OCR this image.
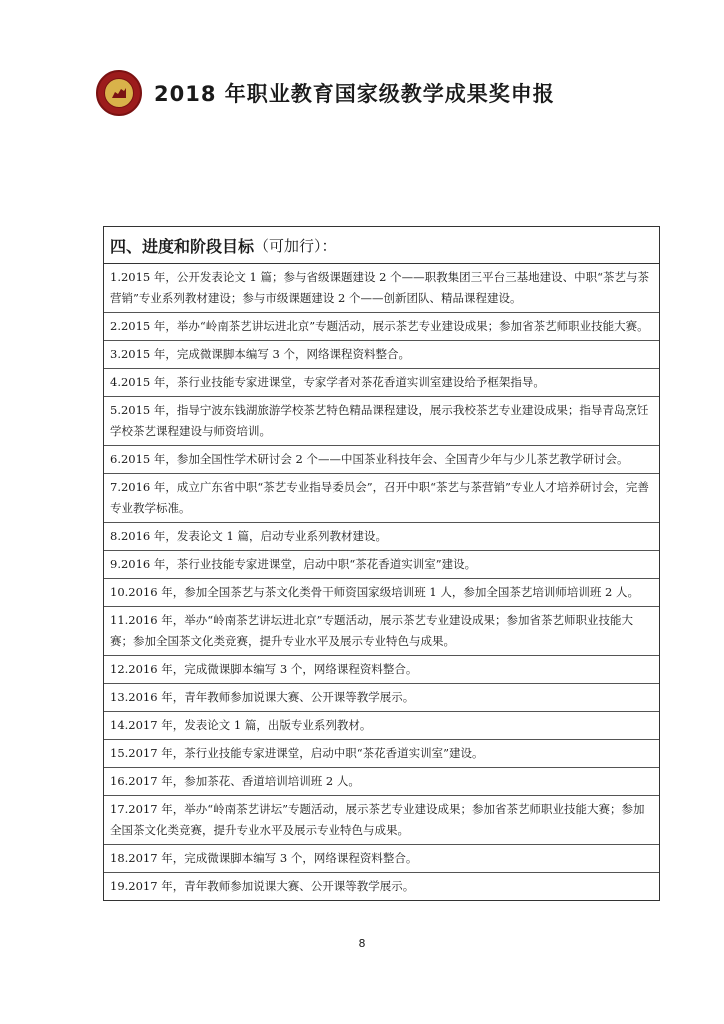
2018 年职业教育国家级教学成果奖申报
四、进度和阶段目标 （可加行）：
1.2015 年，公开发表论文 1 篇；参与省级课题建设 2 个——职教集团三平台三基地建设、中职“茶艺与茶营销”专业系列教材建设；参与市级课题建设 2 个——创新团队、精品课程建设。
2.2015 年，举办“岭南茶艺讲坛进北京”专题活动，展示茶艺专业建设成果；参加省茶艺师职业技能大赛。
3.2015 年，完成微课脚本编写 3 个，网络课程资料整合。
4.2015 年，茶行业技能专家进课堂，专家学者对茶花香道实训室建设给予框架指导。
5.2015 年，指导宁波东钱湖旅游学校茶艺特色精品课程建设，展示我校茶艺专业建设成果；指导青岛烹饪学校茶艺课程建设与师资培训。
6.2015 年，参加全国性学术研讨会 2 个——中国茶业科技年会、全国青少年与少儿茶艺教学研讨会。
7.2016 年，成立广东省中职“茶艺专业指导委员会”，召开中职“茶艺与茶营销”专业人才培养研讨会，完善专业教学标准。
8.2016 年，发表论文 1 篇，启动专业系列教材建设。
9.2016 年，茶行业技能专家进课堂，启动中职“茶花香道实训室”建设。
10.2016 年，参加全国茶艺与茶文化类骨干师资国家级培训班 1 人，参加全国茶艺培训师培训班 2 人。
11.2016 年，举办“岭南茶艺讲坛进北京”专题活动，展示茶艺专业建设成果；参加省茶艺师职业技能大赛；参加全国茶文化类竞赛，提升专业水平及展示专业特色与成果。
12.2016 年，完成微课脚本编写 3 个，网络课程资料整合。
13.2016 年，青年教师参加说课大赛、公开课等教学展示。
14.2017 年，发表论文 1 篇，出版专业系列教材。
15.2017 年，茶行业技能专家进课堂，启动中职“茶花香道实训室”建设。
16.2017 年，参加茶花、香道培训培训班 2 人。
17.2017 年，举办“岭南茶艺讲坛”专题活动，展示茶艺专业建设成果；参加省茶艺师职业技能大赛；参加全国茶文化类竞赛，提升专业水平及展示专业特色与成果。
18.2017 年，完成微课脚本编写 3 个，网络课程资料整合。
19.2017 年，青年教师参加说课大赛、公开课等教学展示。
8
